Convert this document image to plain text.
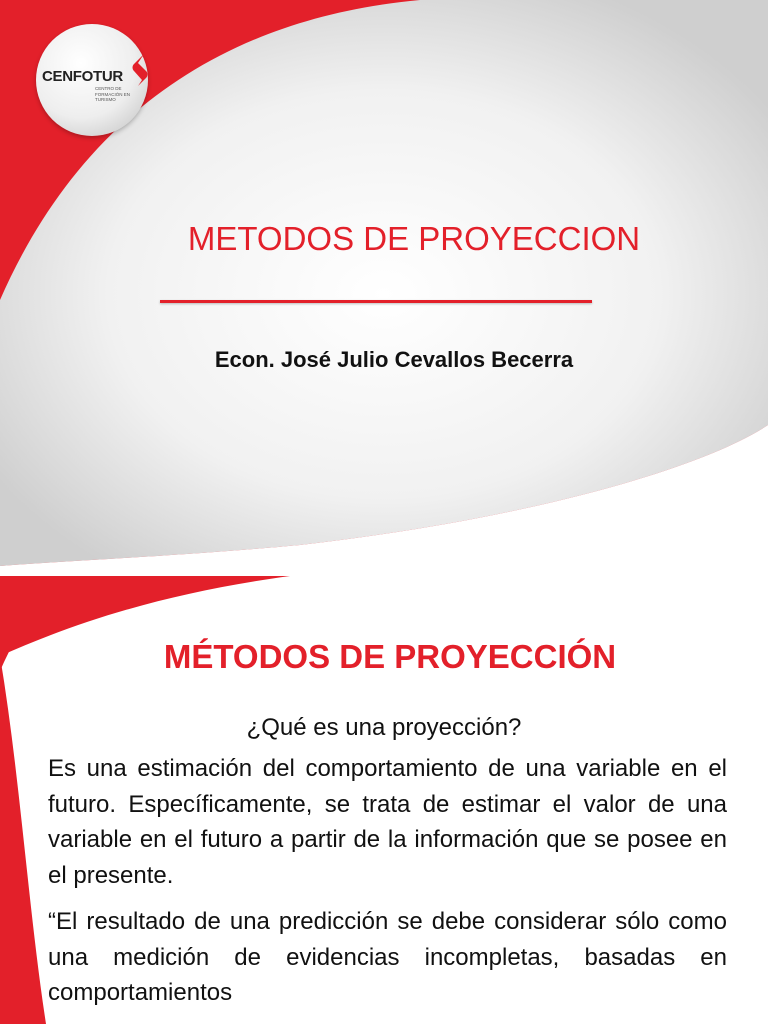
CENFOTUR
CENTRO DE FORMACIÓN EN TURISMO
METODOS DE PROYECCION
Econ. José Julio Cevallos Becerra
MÉTODOS DE PROYECCIÓN
¿Qué es una proyección?
Es una estimación del comportamiento de una variable en el futuro. Específicamente, se trata de estimar el valor de una variable en el futuro a partir de la información que se posee en el presente.
“El resultado de una predicción se debe considerar sólo como una medición de evidencias incompletas, basadas en comportamientos
